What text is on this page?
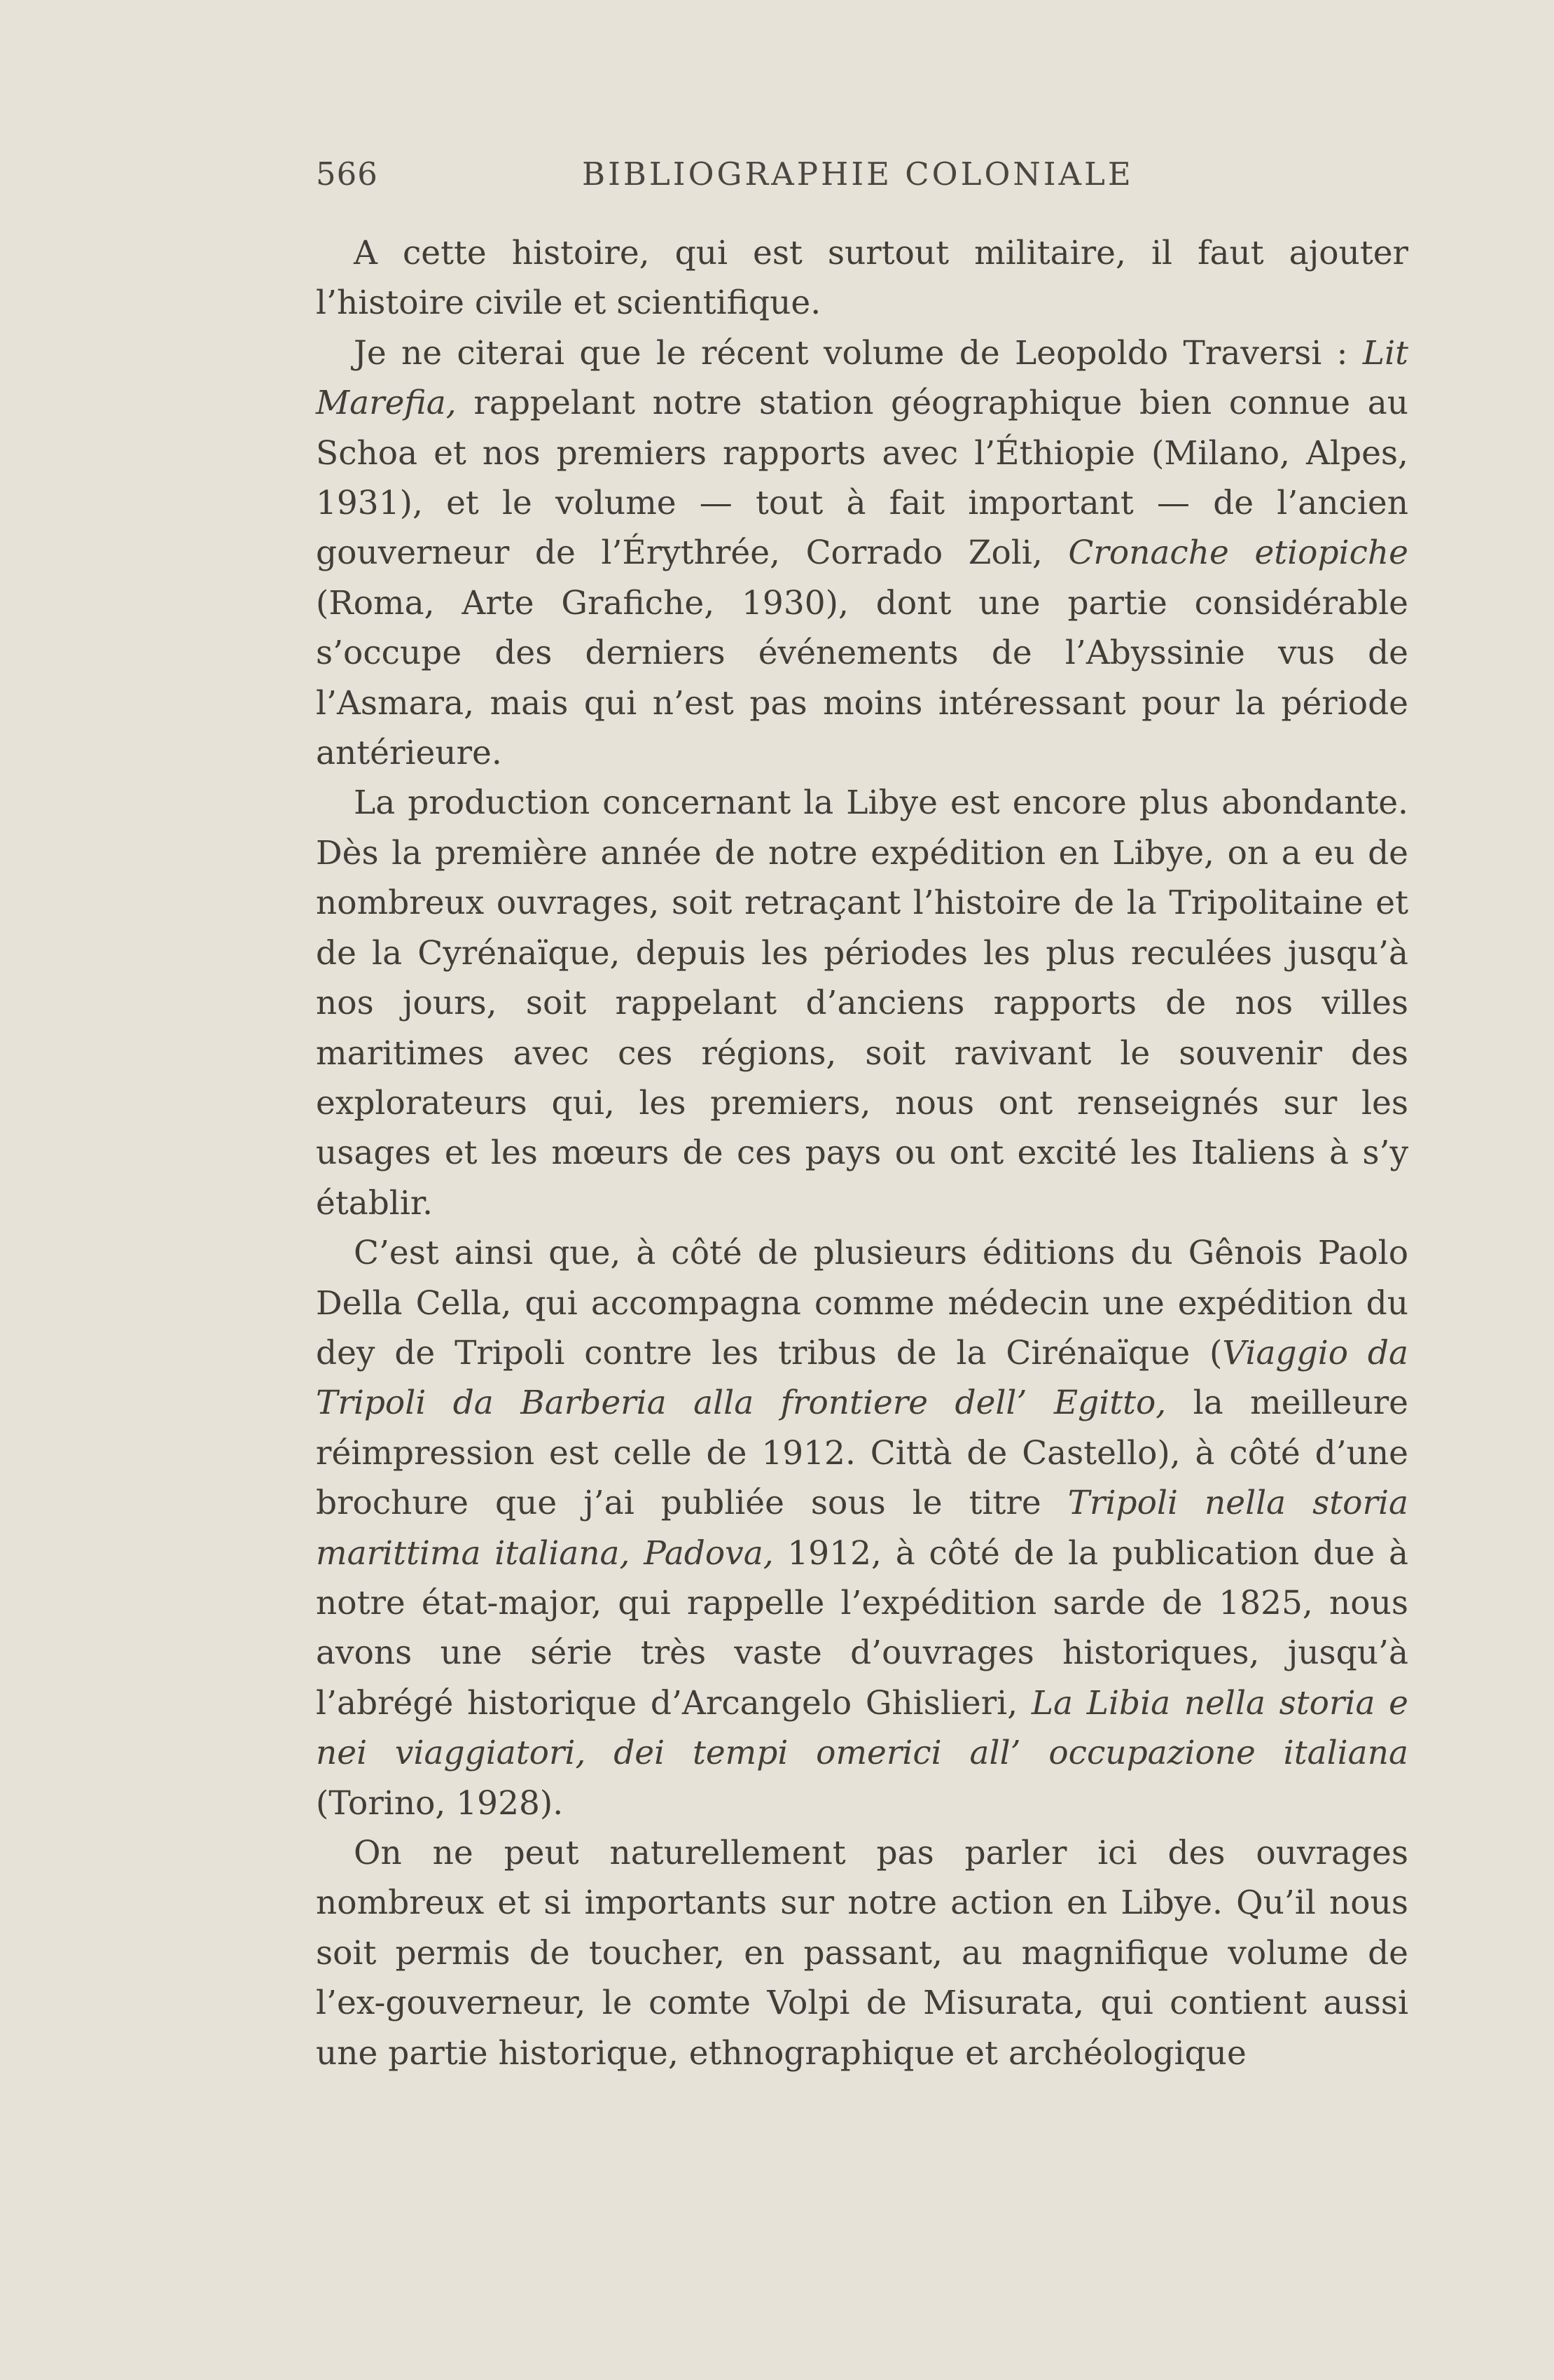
566	BIBLIOGRAPHIE COLONIALE

A cette histoire, qui est surtout militaire, il faut ajouter l’histoire civile et scientifique.

Je ne citerai que le récent volume de Leopoldo Traversi : Lit Marefia, rappelant notre station géographique bien connue au Schoa et nos premiers rapports avec l’Éthiopie (Milano, Alpes, 1931), et le volume — tout à fait important — de l’ancien gouverneur de l’Érythrée, Corrado Zoli, Cronache etiopiche (Roma, Arte Grafiche, 1930), dont une partie considérable s’occupe des derniers événements de l’Abyssinie vus de l’Asmara, mais qui n’est pas moins intéressant pour la période antérieure.

La production concernant la Libye est encore plus abondante. Dès la première année de notre expédition en Libye, on a eu de nombreux ouvrages, soit retraçant l’histoire de la Tripolitaine et de la Cyrénaïque, depuis les périodes les plus reculées jusqu’à nos jours, soit rappelant d’anciens rapports de nos villes maritimes avec ces régions, soit ravivant le souvenir des explorateurs qui, les premiers, nous ont renseignés sur les usages et les mœurs de ces pays ou ont excité les Italiens à s’y établir.

C’est ainsi que, à côté de plusieurs éditions du Gênois Paolo Della Cella, qui accompagna comme médecin une expédition du dey de Tripoli contre les tribus de la Cirénaïque (Viaggio da Tripoli da Barberia alla frontiere dell’ Egitto, la meilleure réimpression est celle de 1912. Città de Castello), à côté d’une brochure que j’ai publiée sous le titre Tripoli nella storia marittima italiana, Padova, 1912, à côté de la publication due à notre état-major, qui rappelle l’expédition sarde de 1825, nous avons une série très vaste d’ouvrages historiques, jusqu’à l’abrégé historique d’Arcangelo Ghislieri, La Libia nella storia e nei viaggiatori, dei tempi omerici all’ occupazione italiana (Torino, 1928).

On ne peut naturellement pas parler ici des ouvrages nombreux et si importants sur notre action en Libye. Qu’il nous soit permis de toucher, en passant, au magnifique volume de l’ex-gouverneur, le comte Volpi de Misurata, qui contient aussi une partie historique, ethnographique et archéologique
